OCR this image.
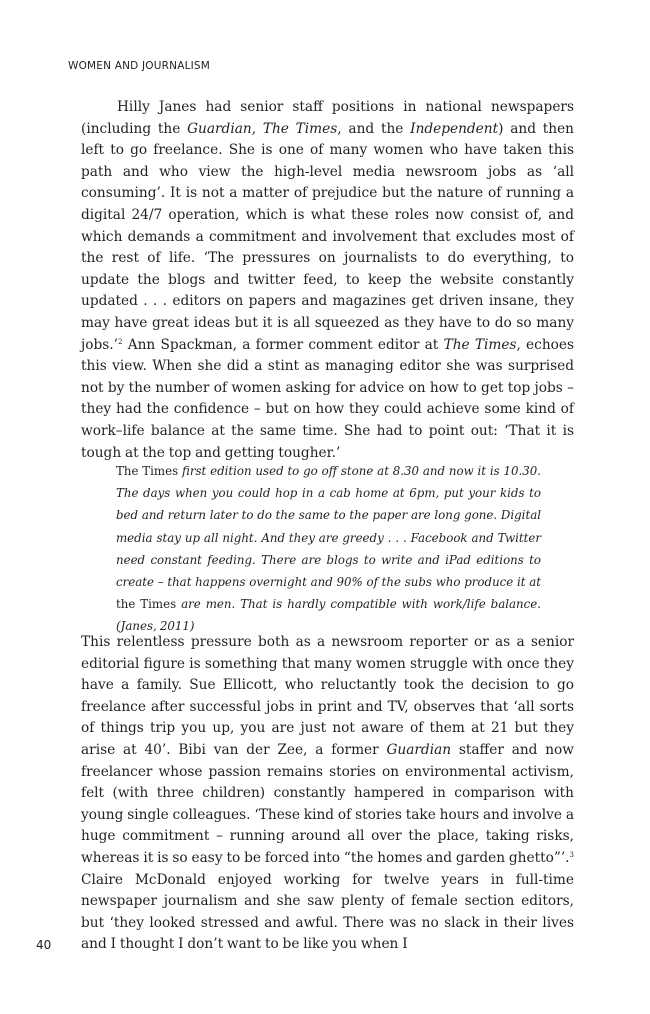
WOMEN AND JOURNALISM

Hilly Janes had senior staff positions in national newspapers (including the Guardian, The Times, and the Independent) and then left to go freelance. She is one of many women who have taken this path and who view the high-level media newsroom jobs as ‘all consuming’. It is not a matter of prejudice but the nature of running a digital 24/7 operation, which is what these roles now consist of, and which demands a commitment and involvement that excludes most of the rest of life. ‘The pressures on journalists to do everything, to update the blogs and twitter feed, to keep the website constantly updated . . . editors on papers and magazines get driven insane, they may have great ideas but it is all squeezed as they have to do so many jobs.’$^2$ Ann Spackman, a former comment editor at The Times, echoes this view. When she did a stint as managing editor she was surprised not by the number of women asking for advice on how to get top jobs – they had the confidence – but on how they could achieve some kind of work–life balance at the same time. She had to point out: ‘That it is tough at the top and getting tougher.’

The Times first edition used to go off stone at 8.30 and now it is 10.30. The days when you could hop in a cab home at 6pm, put your kids to bed and return later to do the same to the paper are long gone. Digital media stay up all night. And they are greedy . . . Facebook and Twitter need constant feeding. There are blogs to write and iPad editions to create – that happens overnight and 90% of the subs who produce it at the Times are men. That is hardly compatible with work/life balance. (Janes, 2011)

This relentless pressure both as a newsroom reporter or as a senior editorial figure is something that many women struggle with once they have a family. Sue Ellicott, who reluctantly took the decision to go freelance after successful jobs in print and TV, observes that ‘all sorts of things trip you up, you are just not aware of them at 21 but they arise at 40’. Bibi van der Zee, a former Guardian staffer and now freelancer whose passion remains stories on environmental activism, felt (with three children) constantly hampered in comparison with young single colleagues. ‘These kind of stories take hours and involve a huge commitment – running around all over the place, taking risks, whereas it is so easy to be forced into “the homes and garden ghetto”’.$^3$ Claire McDonald enjoyed working for twelve years in full-time newspaper journalism and she saw plenty of female section editors, but ‘they looked stressed and awful. There was no slack in their lives and I thought I don’t want to be like you when I

40
